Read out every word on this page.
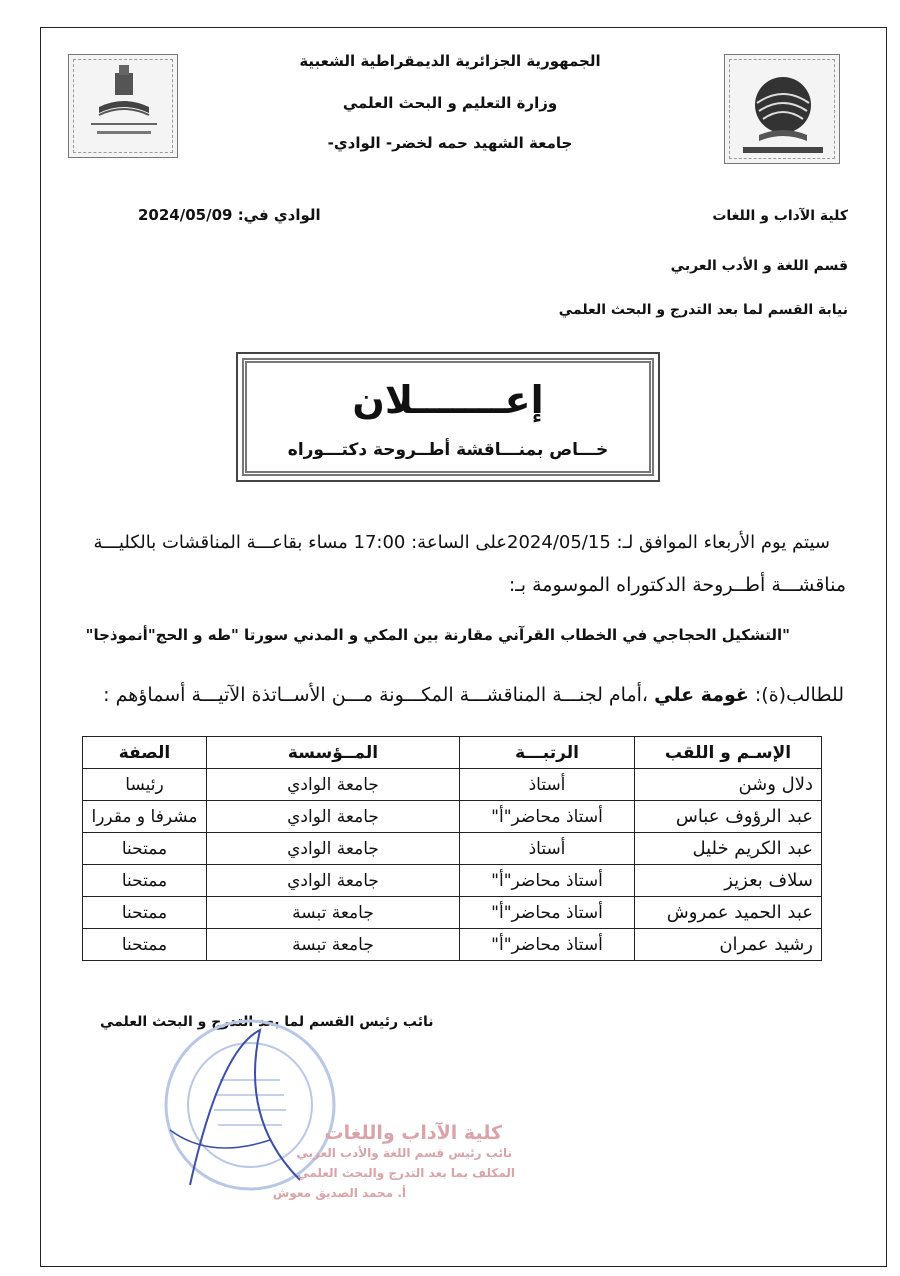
الجمهورية الجزائرية الديمقراطية الشعبية
وزارة التعليم و البحث العلمي
جامعة الشهيد حمه لخضر- الوادي-
كلية الآداب و اللغات
قسم اللغة و الأدب العربي
نيابة القسم لما بعد التدرج و البحث العلمي
الوادي في: 2024/05/09
إعـــــــلان
خـــاص بمنـــاقشة أطــروحة دكتـــوراه
سيتم يوم الأربعاء الموافق لـ: 2024/05/15على الساعة: 17:00 مساء بقاعـــة المناقشات بالكليـــة
مناقشـــة أطــروحة الدكتوراه الموسومة بـ:
"التشكيل الحجاجي في الخطاب القرآني مقارنة بين المكي و المدني سورتا "طه و الحج"أنموذجا"
للطالب(ة): غومة علي ،أمام لجنـــة المناقشـــة المكـــونة مـــن الأســاتذة الآتيـــة أسماؤهم :
الإسـم و اللقب	الرتبـــة	المــؤسسة	الصفة
دلال وشن	أستاذ	جامعة الوادي	رئيسا
عبد الرؤوف عباس	أستاذ محاضر"أ"	جامعة الوادي	مشرفا و مقررا
عبد الكريم خليل	أستاذ	جامعة الوادي	ممتحنا
سلاف بعزيز	أستاذ محاضر"أ"	جامعة الوادي	ممتحنا
عبد الحميد عمروش	أستاذ محاضر"أ"	جامعة تبسة	ممتحنا
رشيد عمران	أستاذ محاضر"أ"	جامعة تبسة	ممتحنا
نائب رئيس القسم لما بعد التدرج و البحث العلمي
كلية الآداب واللغات
نائب رئيس قسم اللغة والأدب العربي
المكلف بما بعد التدرج والبحث العلمي
أ. محمد الصديق معوش
